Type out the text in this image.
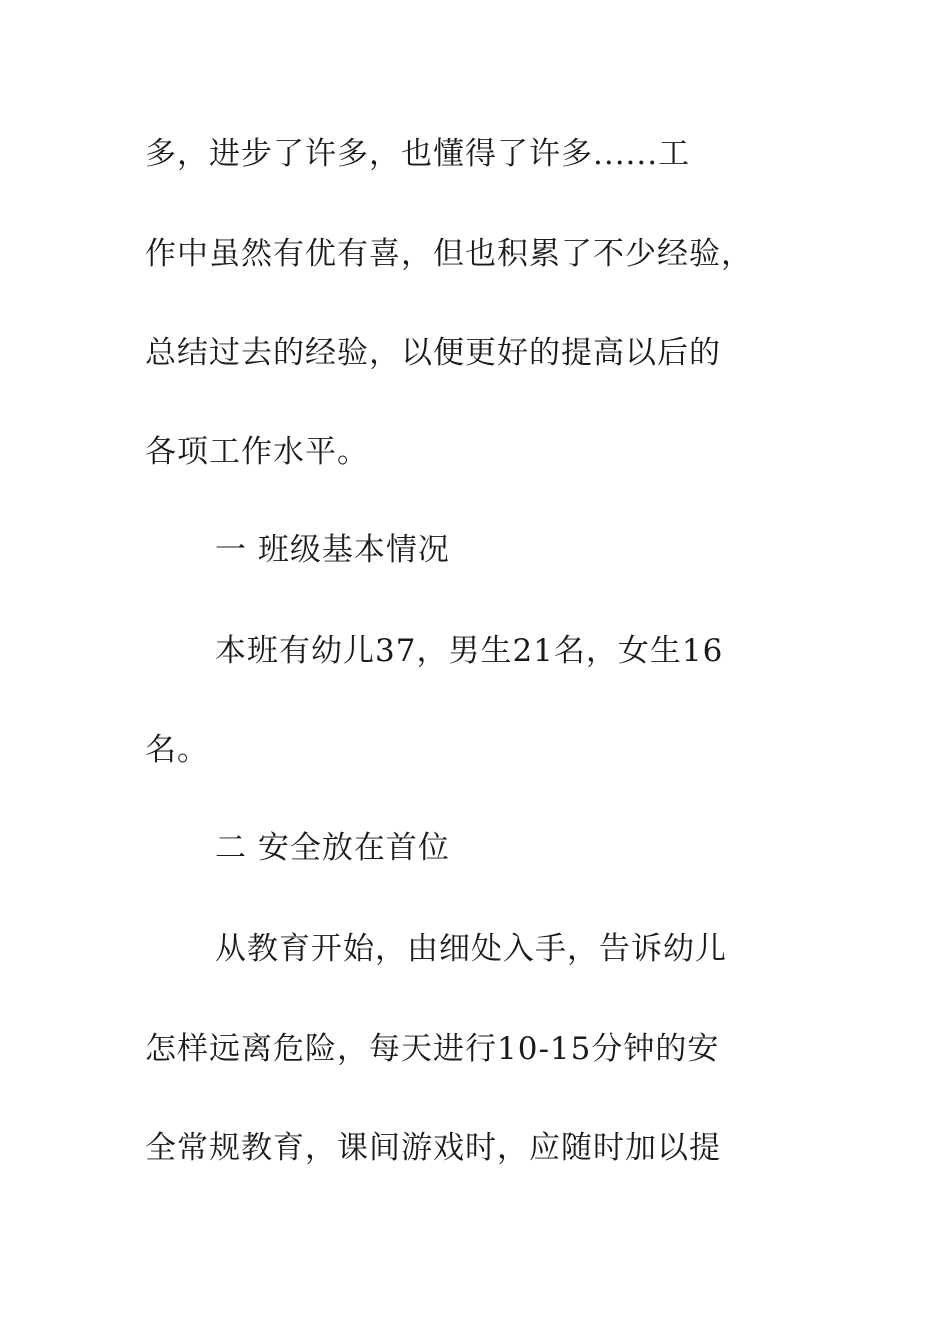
多，进步了许多，也懂得了许多......工
作中虽然有优有喜，但也积累了不少经验，
总结过去的经验，以便更好的提高以后的
各项工作水平。
一 班级基本情况
本班有幼儿37，男生21名，女生16
名。
二 安全放在首位
从教育开始，由细处入手，告诉幼儿
怎样远离危险，每天进行10-15分钟的安
全常规教育，课间游戏时，应随时加以提
